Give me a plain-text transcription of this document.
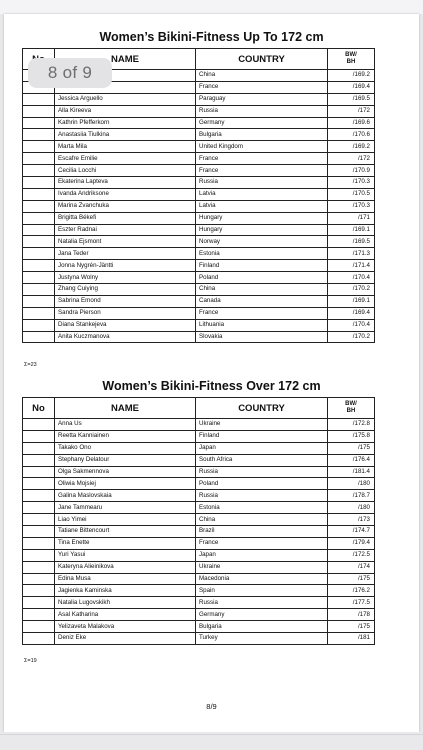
Women’s Bikini-Fitness Up To 172 cm
	NAME	COUNTRY	BW/
BH
		China	/169.2
		France	/169.4
	Jessica Arguello	Paraguay	/169.5
	Alla Kireeva	Russia	/172
	Kathrin Pfefferkorn	Germany	/169.6
	Anastasiia Tiulkina	Bulgaria	/170.6
	Marta Mila	United Kingdom	/169.2
	Escafre Emilie	France	/172
	Cecilia Locchi	France	/170.9
	Ekaterina Lapteva	Russia	/170.3
	Ivanda Andriksone	Latvia	/170.5
	Marina Zvanchuka	Latvia	/170.3
	Brigitta Békefi	Hungary	/171
	Eszter Radnai	Hungary	/169.1
	Natalia Ejsmont	Norway	/169.5
	Jana Teder	Estonia	/171.3
	Jonna Nygrén-Jäntti	Finland	/171.4
	Justyna Wolny	Poland	/170.4
	Zhang Cuiying	China	/170.2
	Sabrina Emond	Canada	/169.1
	Sandra Pierson	France	/169.4
	Diana Stankejeva	Lithuania	/170.4
	Anita Kuczmanova	Slovakia	/170.2
Σ=23
Women’s Bikini-Fitness Over 172 cm
No	NAME	COUNTRY	BW/
BH
	Anna Us	Ukraine	/172.8
	Reetta Kanniainen	Finland	/175.8
	Takako Ono	Japan	/175
	Stephany Delatour	South Africa	/176.4
	Olga Sakmennova	Russia	/181.4
	Oliwia Mojsiej	Poland	/180
	Galina Maslovskaia	Russia	/178.7
	Jane Tammearu	Estonia	/180
	Liao Yimei	China	/173
	Tatiane Bittencourt	Brazil	/174.7
	Tina Enette	France	/179.4
	Yuri Yasui	Japan	/172.5
	Kateryna Alieinikova	Ukraine	/174
	Edina Musa	Macedonia	/175
	Jagienka Kaminska	Spain	/176.2
	Natalia Lugovskikh	Russia	/177.5
	Asal Katharina	Germany	/178
	Yelizaveta Malakova	Bulgaria	/175
	Deniz Eke	Turkey	/181
Σ=19
8/9
8 of 9
